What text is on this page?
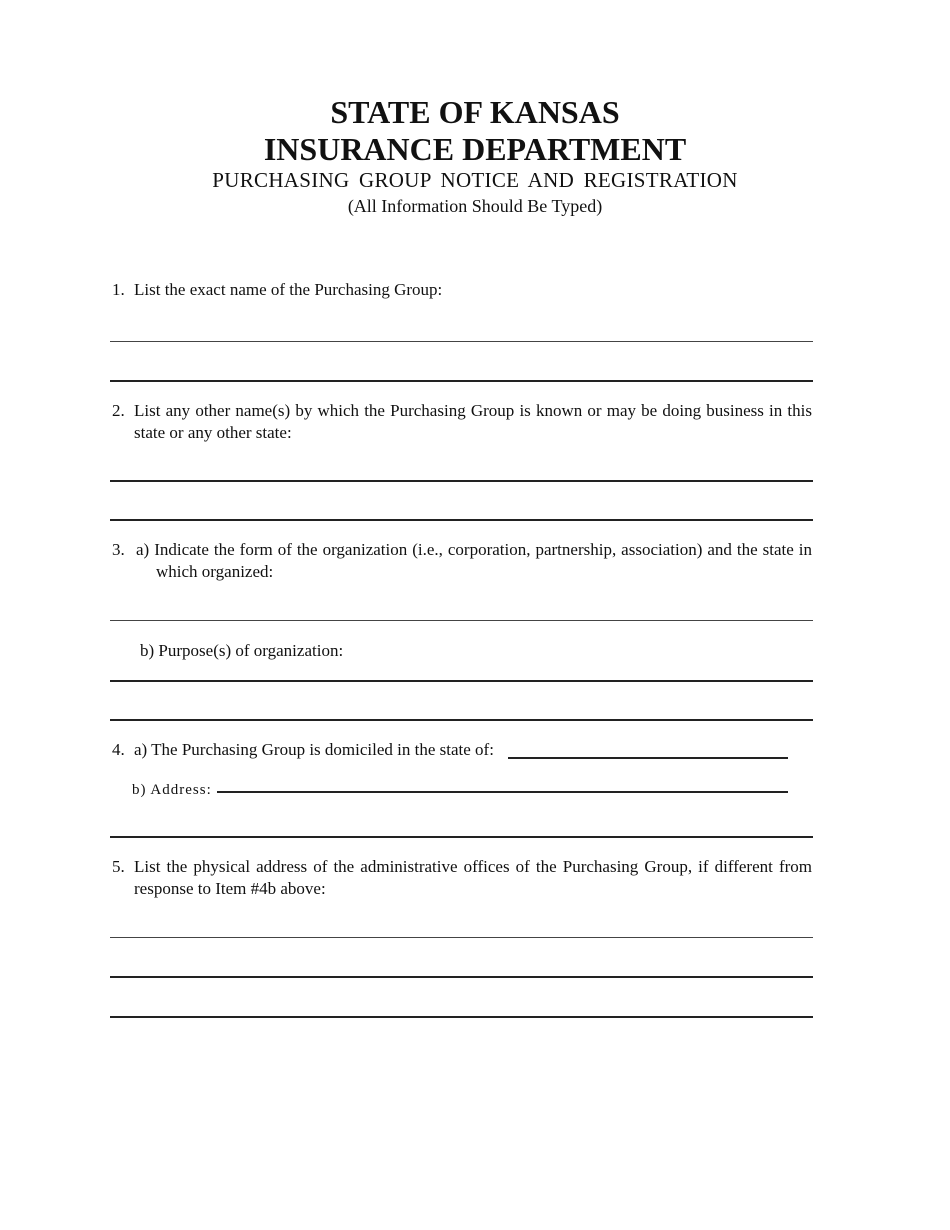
STATE OF KANSAS
INSURANCE DEPARTMENT
PURCHASING GROUP NOTICE AND REGISTRATION
(All Information Should Be Typed)
1. List the exact name of the Purchasing Group:
2. List any other name(s) by which the Purchasing Group is known or may be doing business in this state or any other state:
3. a) Indicate the form of the organization (i.e., corporation, partnership, association) and the state in which organized:
b) Purpose(s) of organization:
4. a) The Purchasing Group is domiciled in the state of:
b) Address:
5. List the physical address of the administrative offices of the Purchasing Group, if different from response to Item #4b above:
